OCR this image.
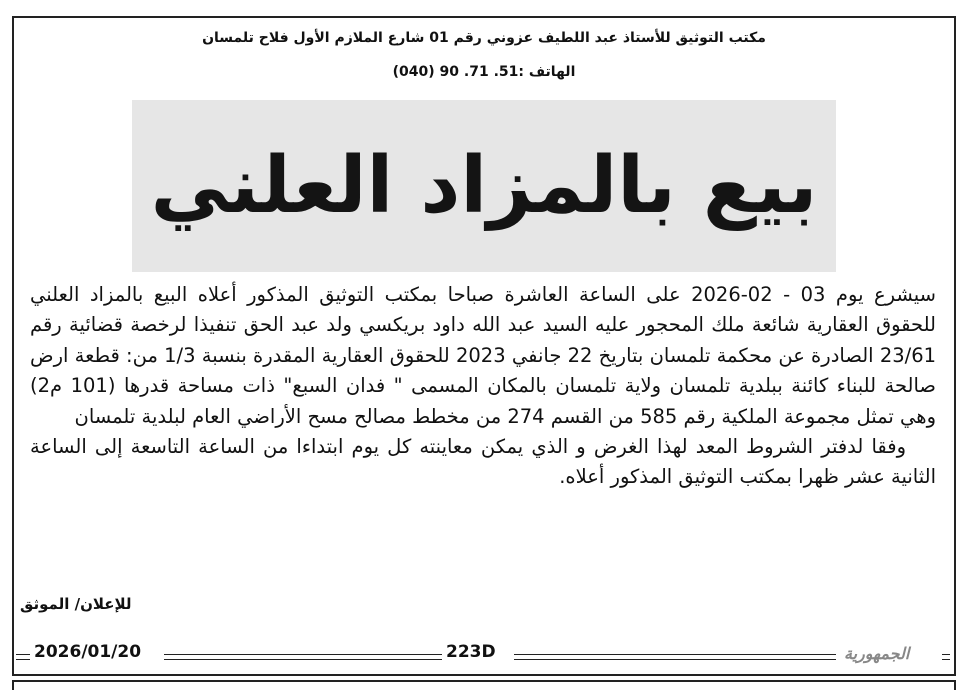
مكتب التوثيق للأستاذ عبد اللطيف عزوني رقم 01 شارع الملازم الأول فلاح تلمسان
الهاتف :51. 71. 90 (040)
بيع بالمزاد العلني

سيشرع يوم 03 - 02-2026 على الساعة العاشرة صباحا بمكتب التوثيق المذكور أعلاه البيع بالمزاد العلني للحقوق العقارية شائعة ملك المحجور عليه السيد عبد الله داود بريكسي ولد عبد الحق تنفيذا لرخصة قضائية رقم 23/61 الصادرة عن محكمة تلمسان بتاريخ 22 جانفي 2023 للحقوق العقارية المقدرة بنسبة 1/3 من: قطعة ارض صالحة للبناء كائنة ببلدية تلمسان ولاية تلمسان بالمكان المسمى " فدان السبع" ذات مساحة قدرها (101 م2) وهي تمثل مجموعة الملكية رقم 585 من القسم 274 من مخطط مصالح مسح الأراضي العام لبلدية تلمسان

وفقا لدفتر الشروط المعد لهذا الغرض و الذي يمكن معاينته كل يوم ابتداءا من الساعة التاسعة إلى الساعة الثانية عشر ظهرا بمكتب التوثيق المذكور أعلاه.

للإعلان/ الموثق
2026/01/20	223D	الجمهورية
